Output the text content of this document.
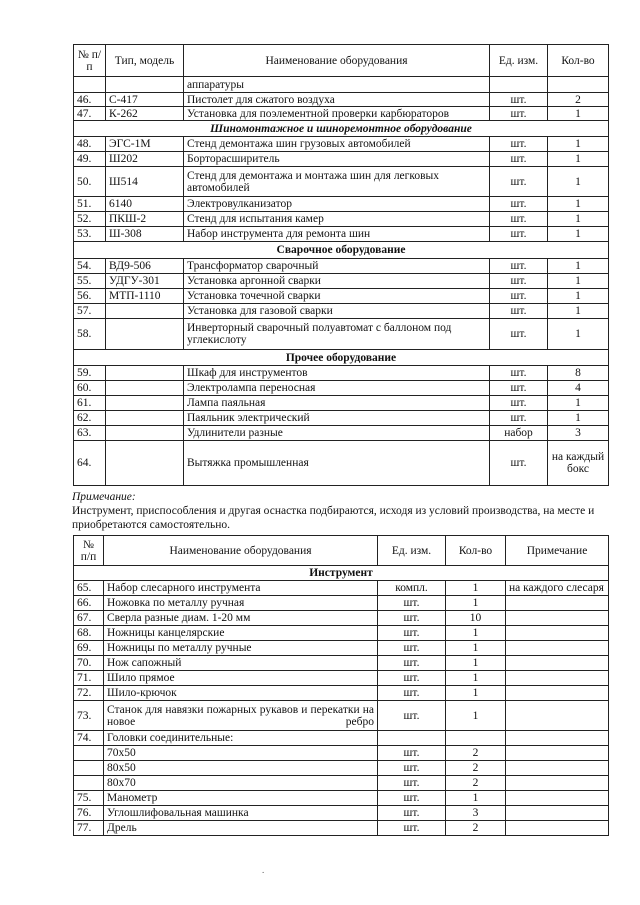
№ п/п	Тип, модель	Наименование оборудования	Ед. изм.	Кол-во
		аппаратуры		
46.	С-417	Пистолет для сжатого воздуха	шт.	2
47.	К-262	Установка для поэлементной проверки карбюраторов	шт.	1
Шиномонтажное и шиноремонтное оборудование				
48.	ЭГС-1М	Стенд демонтажа шин грузовых автомобилей	шт.	1
49.	Ш202	Борторасширитель	шт.	1
50.	Ш514	Стенд для демонтажа и монтажа шин для легковых автомобилей	шт.	1
51.	6140	Электровулканизатор	шт.	1
52.	ПКШ-2	Стенд для испытания камер	шт.	1
53.	Ш-308	Набор инструмента для ремонта шин	шт.	1
Сварочное оборудование				
54.	ВД9-506	Трансформатор сварочный	шт.	1
55.	УДГУ-301	Установка аргонной сварки	шт.	1
56.	МТП-1110	Установка точечной сварки	шт.	1
57.		Установка для газовой сварки	шт.	1
58.		Инверторный сварочный полуавтомат с баллоном под углекислоту	шт.	1
Прочее оборудование				
59.		Шкаф для инструментов	шт.	8
60.		Электролампа переносная	шт.	4
61.		Лампа паяльная	шт.	1
62.		Паяльник электрический	шт.	1
63.		Удлинители разные	набор	3
64.		Вытяжка промышленная	шт.	на каждый бокс
Примечание:
Инструмент, приспособления и другая оснастка подбираются, исходя из условий производства, на месте и приобретаются самостоятельно.
№ п/п	Наименование оборудования	Ед. изм.	Кол-во	Примечание
Инструмент				
65.	Набор слесарного инструмента	компл.	1	на каждого слесаря
66.	Ножовка по металлу ручная	шт.	1	
67.	Сверла разные диам. 1-20 мм	шт.	10	
68.	Ножницы канцелярские	шт.	1	
69.	Ножницы по металлу ручные	шт.	1	
70.	Нож сапожный	шт.	1	
71.	Шило прямое	шт.	1	
72.	Шило-крючок	шт.	1	
73.	Станок для навязки пожарных рукавов и перекатки на новое ребро	шт.	1	
74.	Головки соединительные:			
	70х50	шт.	2	
	80х50	шт.	2	
	80х70	шт.	2	
75.	Манометр	шт.	1	
76.	Углошлифовальная машинка	шт.	3	
77.	Дрель	шт.	2	
.
